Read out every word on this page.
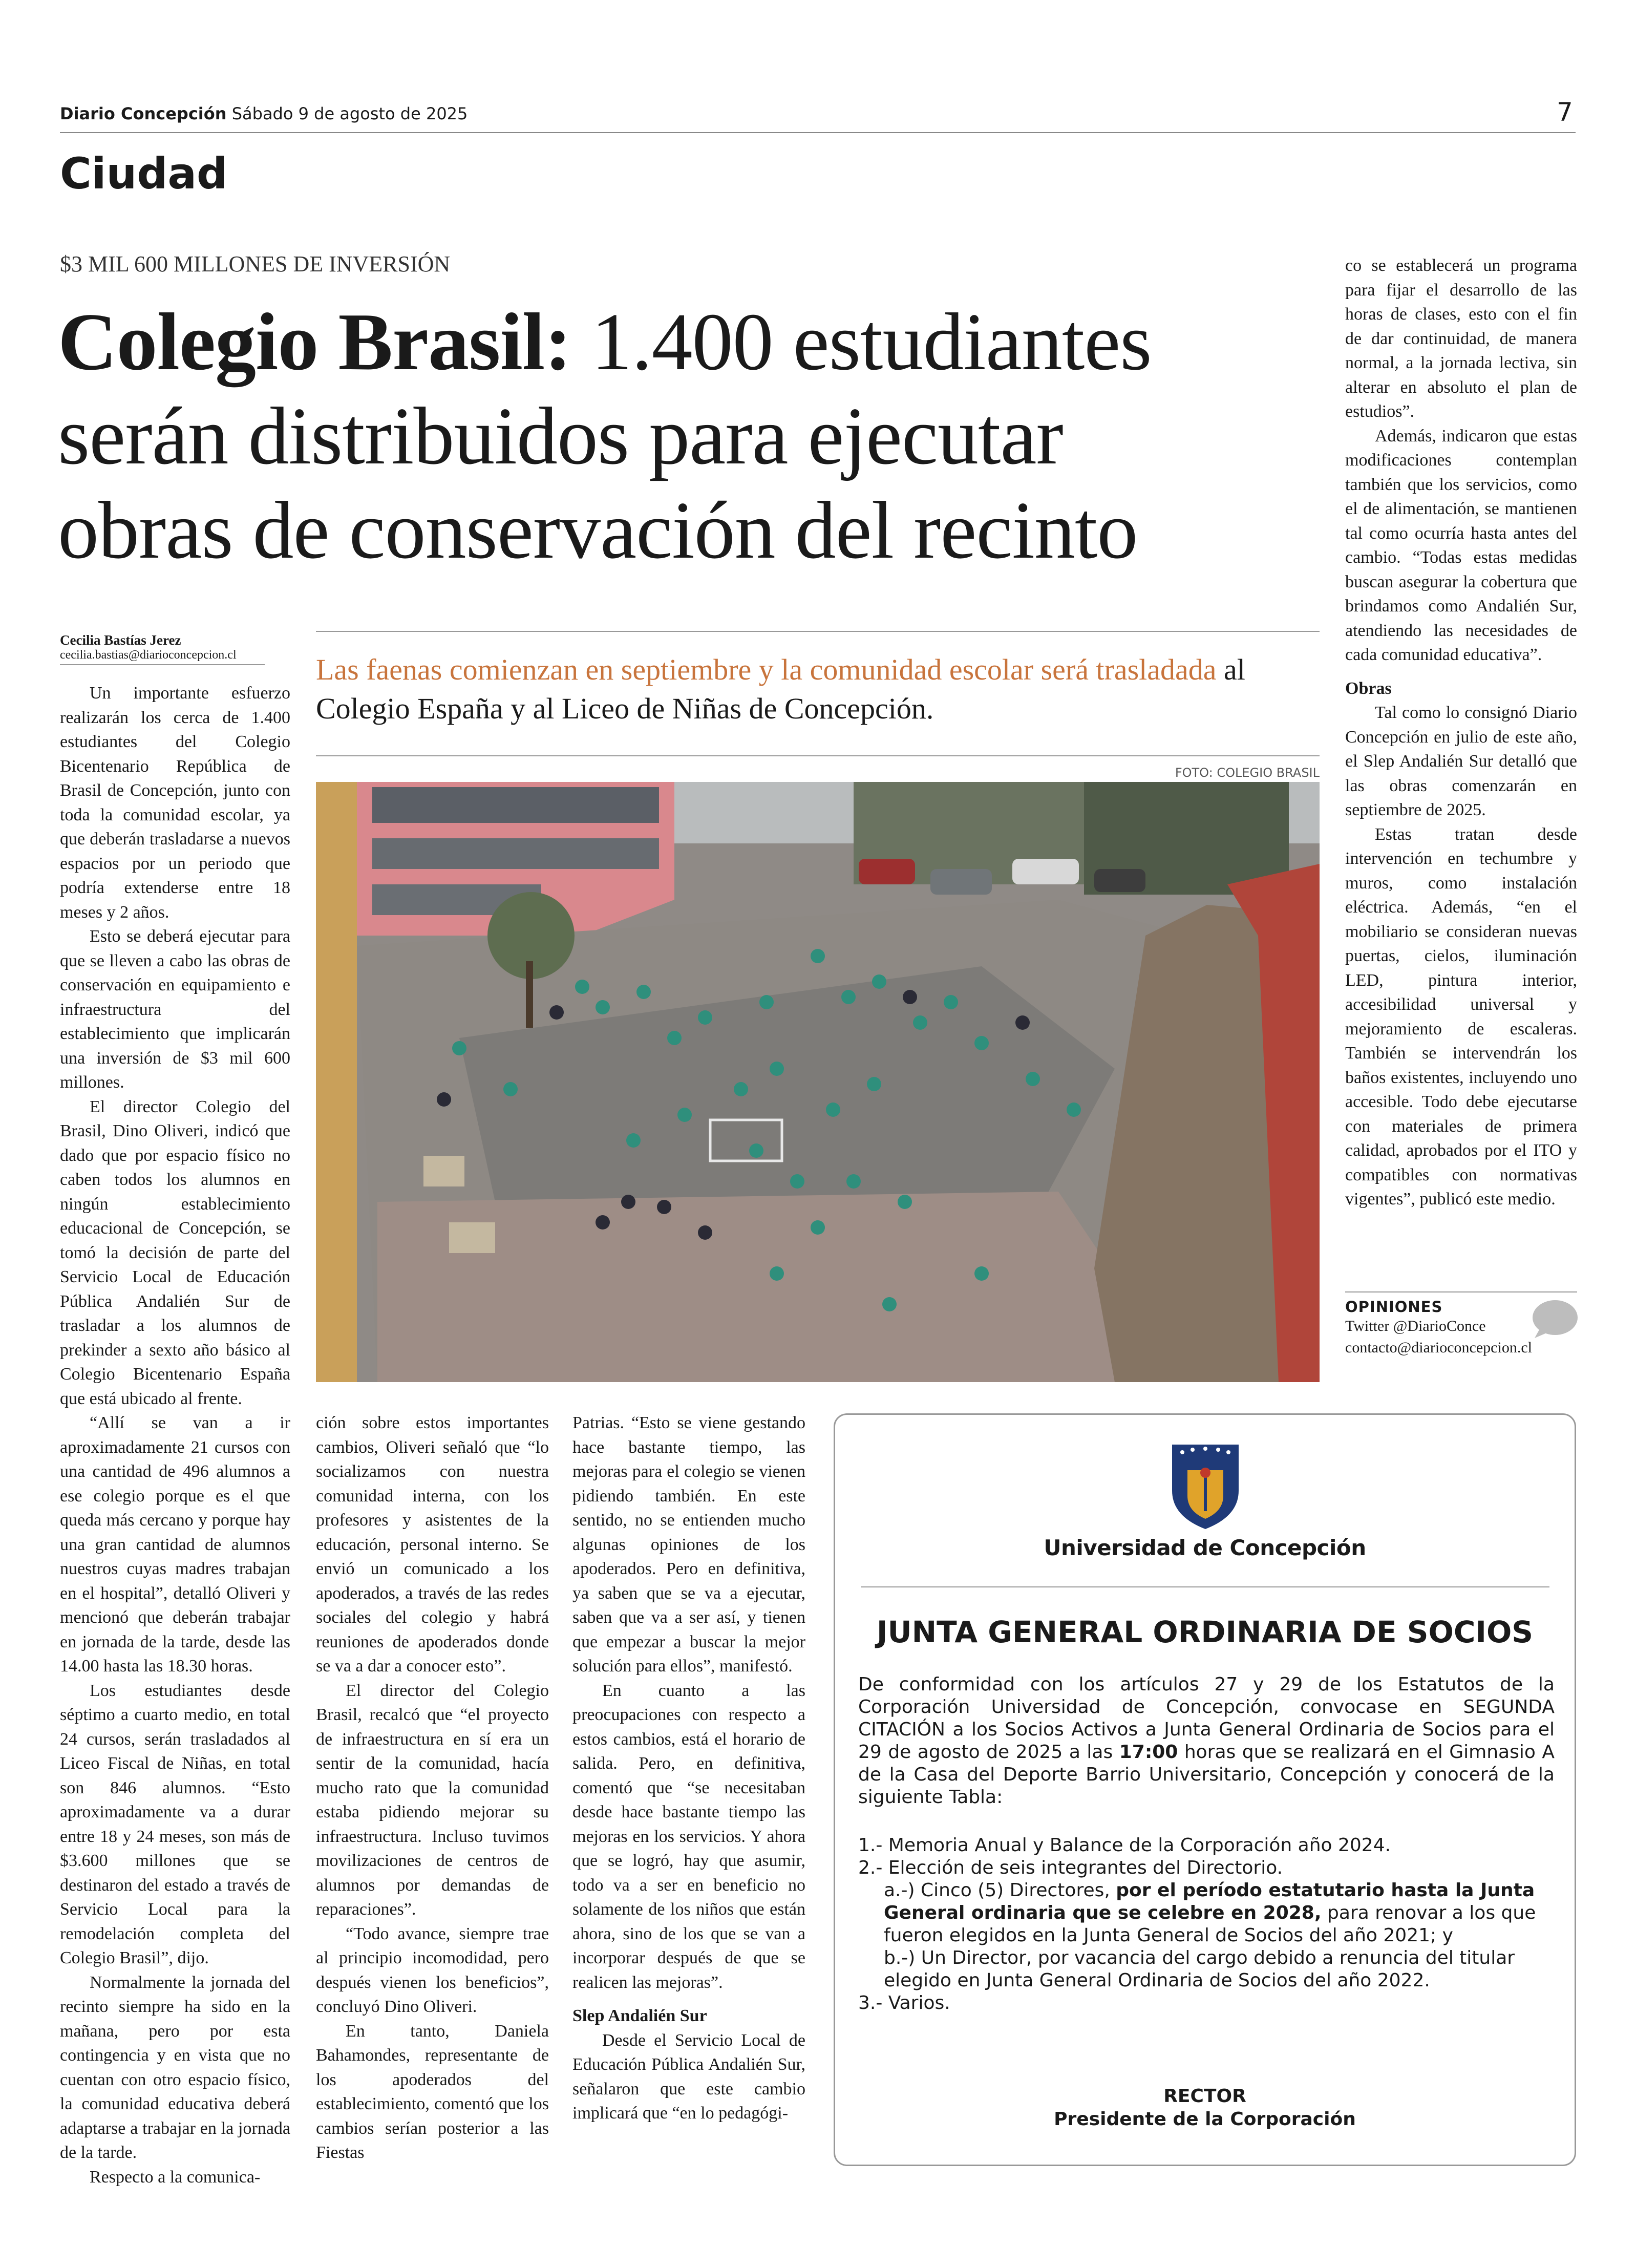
Diario Concepción Sábado 9 de agosto de 2025	7
Ciudad
$3 MIL 600 MILLONES DE INVERSIÓN
Colegio Brasil: 1.400 estudiantes
serán distribuidos para ejecutar
obras de conservación del recinto
Cecilia Bastías Jerez
cecilia.bastias@diarioconcepcion.cl	Las faenas comienzan en septiembre y la comunidad escolar será trasladada al Colegio España y al Liceo de Niñas de Concepción.
FOTO: COLEGIO BRASIL

Un importante esfuerzo realizarán los cerca de 1.400 estudiantes del Colegio Bicentenario República de Brasil de Concepción, junto con toda la comunidad escolar, ya que deberán trasladarse a nuevos espacios por un periodo que podría extenderse entre 18 meses y 2 años.

Esto se deberá ejecutar para que se lleven a cabo las obras de conservación en equipamiento e infraestructura del establecimiento que implicarán una inversión de $3 mil 600 millones.

El director Colegio del Brasil, Dino Oliveri, indicó que dado que por espacio físico no caben todos los alumnos en ningún establecimiento educacional de Concepción, se tomó la decisión de parte del Servicio Local de Educación Pública Andalién Sur de trasladar a los alumnos de prekinder a sexto año básico al Colegio Bicentenario España que está ubicado al frente.

“Allí se van a ir aproximadamente 21 cursos con una cantidad de 496 alumnos a ese colegio porque es el que queda más cercano y porque hay una gran cantidad de alumnos nuestros cuyas madres trabajan en el hospital”, detalló Oliveri y mencionó que deberán trabajar en jornada de la tarde, desde las 14.00 hasta las 18.30 horas.

Los estudiantes desde séptimo a cuarto medio, en total 24 cursos, serán trasladados al Liceo Fiscal de Niñas, en total son 846 alumnos. “Esto aproximadamente va a durar entre 18 y 24 meses, son más de $3.600 millones que se destinaron del estado a través de Servicio Local para la remodelación completa del Colegio Brasil”, dijo.

Normalmente la jornada del recinto siempre ha sido en la mañana, pero por esta contingencia y en vista que no cuentan con otro espacio físico, la comunidad educativa deberá adaptarse a trabajar en la jornada de la tarde.

Respecto a la comunica-

ción sobre estos importantes cambios, Oliveri señaló que “lo socializamos con nuestra comunidad interna, con los profesores y asistentes de la educación, personal interno. Se envió un comunicado a los apoderados, a través de las redes sociales del colegio y habrá reuniones de apoderados donde se va a dar a conocer esto”.

El director del Colegio Brasil, recalcó que “el proyecto de infraestructura en sí era un sentir de la comunidad, hacía mucho rato que la comunidad estaba pidiendo mejorar su infraestructura. Incluso tuvimos movilizaciones de centros de alumnos por demandas de reparaciones”.

“Todo avance, siempre trae al principio incomodidad, pero después vienen los beneficios”, concluyó Dino Oliveri.

En tanto, Daniela Bahamondes, representante de los apoderados del establecimiento, comentó que los cambios serían posterior a las Fiestas

Patrias. “Esto se viene gestando hace bastante tiempo, las mejoras para el colegio se vienen pidiendo también. En este sentido, no se entienden mucho algunas opiniones de los apoderados. Pero en definitiva, ya saben que se va a ejecutar, saben que va a ser así, y tienen que empezar a buscar la mejor solución para ellos”, manifestó.

En cuanto a las preocupaciones con respecto a estos cambios, está el horario de salida. Pero, en definitiva, comentó que “se necesitaban desde hace bastante tiempo las mejoras en los servicios. Y ahora que se logró, hay que asumir, todo va a ser en beneficio no solamente de los niños que están ahora, sino de los que se van a incorporar después de que se realicen las mejoras”.

Slep Andalién Sur

Desde el Servicio Local de Educación Pública Andalién Sur, señalaron que este cambio implicará que “en lo pedagógi-

co se establecerá un programa para fijar el desarrollo de las horas de clases, esto con el fin de dar continuidad, de manera normal, a la jornada lectiva, sin alterar en absoluto el plan de estudios”.

Además, indicaron que estas modificaciones contemplan también que los servicios, como el de alimentación, se mantienen tal como ocurría hasta antes del cambio. “Todas estas medidas buscan asegurar la cobertura que brindamos como Andalién Sur, atendiendo las necesidades de cada comunidad educativa”.

Obras

Tal como lo consignó Diario Concepción en julio de este año, el Slep Andalién Sur detalló que las obras comenzarán en septiembre de 2025.

Estas tratan desde intervención en techumbre y muros, como instalación eléctrica. Además, “en el mobiliario se consideran nuevas puertas, cielos, iluminación LED, pintura interior, accesibilidad universal y mejoramiento de escaleras. También se intervendrán los baños existentes, incluyendo uno accesible. Todo debe ejecutarse con materiales de primera calidad, aprobados por el ITO y compatibles con normativas vigentes”, publicó este medio.

OPINIONES
Twitter @DiarioConce
contacto@diarioconcepcion.cl
Universidad de Concepción
JUNTA GENERAL ORDINARIA DE SOCIOS
De conformidad con los artículos 27 y 29 de los Estatutos de la Corporación Universidad de Concepción, convocase en SEGUNDA CITACIÓN a los Socios Activos a Junta General Ordinaria de Socios para el 29 de agosto de 2025 a las 17:00 horas que se realizará en el Gimnasio A de la Casa del Deporte Barrio Universitario, Concepción y conocerá de la siguiente Tabla:
1.- Memoria Anual y Balance de la Corporación año 2024.
2.- Elección de seis integrantes del Directorio.
a.-) Cinco (5) Directores, por el período estatutario hasta la Junta General ordinaria que se celebre en 2028, para renovar a los que fueron elegidos en la Junta General de Socios del año 2021; y
b.-) Un Director, por vacancia del cargo debido a renuncia del titular elegido en Junta General Ordinaria de Socios del año 2022.
3.- Varios.
RECTOR
Presidente de la Corporación
